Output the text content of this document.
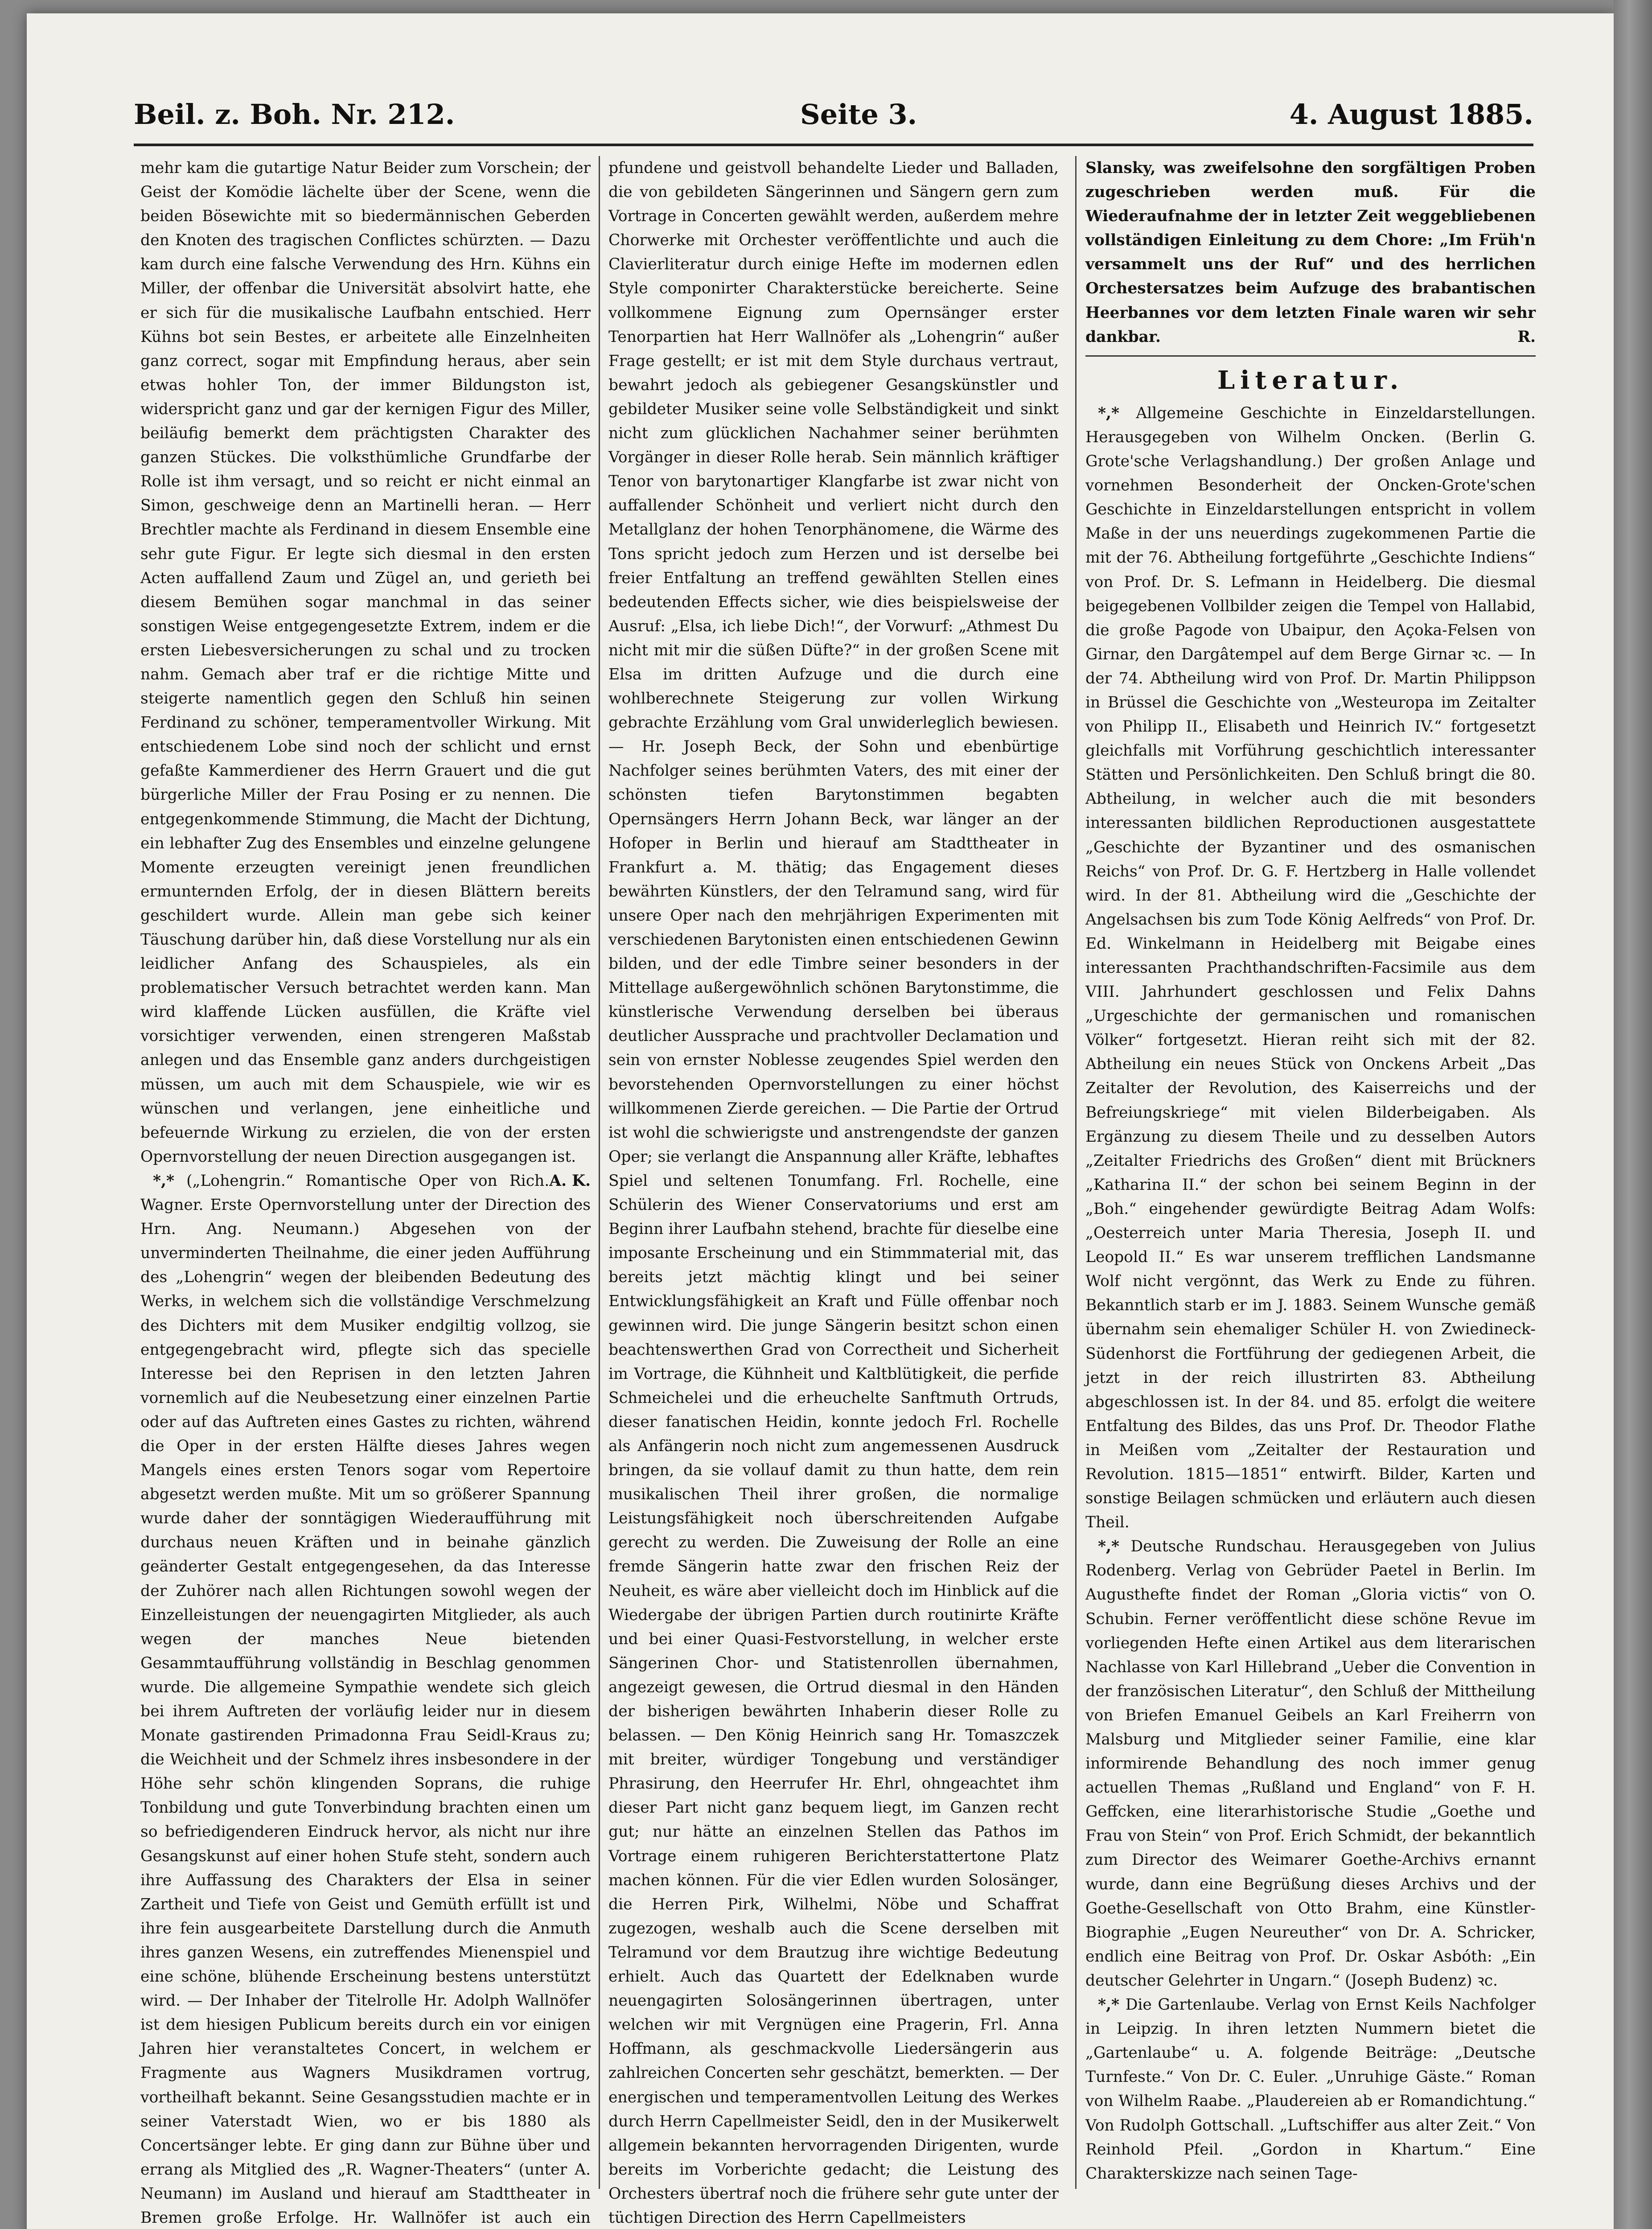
Beil. z. Boh. Nr. 212.	Seite 3.	4. August 1885.

mehr kam die gutartige Natur Beider zum Vorschein; der Geist der Komödie lächelte über der Scene, wenn die beiden Bösewichte mit so biedermännischen Geberden den Knoten des tragischen Conflictes schürzten. — Dazu kam durch eine falsche Verwendung des Hrn. Kühns ein Miller, der offenbar die Universität absolvirt hatte, ehe er sich für die musikalische Laufbahn entschied. Herr Kühns bot sein Bestes, er arbeitete alle Einzelnheiten ganz correct, sogar mit Empfindung heraus, aber sein etwas hohler Ton, der immer Bildungston ist, widerspricht ganz und gar der kernigen Figur des Miller, beiläufig bemerkt dem prächtigsten Charakter des ganzen Stückes. Die volksthümliche Grundfarbe der Rolle ist ihm versagt, und so reicht er nicht einmal an Simon, geschweige denn an Martinelli heran. — Herr Brechtler machte als Ferdinand in diesem Ensemble eine sehr gute Figur. Er legte sich diesmal in den ersten Acten auffallend Zaum und Zügel an, und gerieth bei diesem Bemühen sogar manchmal in das seiner sonstigen Weise entgegengesetzte Extrem, indem er die ersten Liebesversicherungen zu schal und zu trocken nahm. Gemach aber traf er die richtige Mitte und steigerte namentlich gegen den Schluß hin seinen Ferdinand zu schöner, temperamentvoller Wirkung. Mit entschiedenem Lobe sind noch der schlicht und ernst gefaßte Kammerdiener des Herrn Grauert und die gut bürgerliche Miller der Frau Posing er zu nennen. Die entgegenkommende Stimmung, die Macht der Dichtung, ein lebhafter Zug des Ensembles und einzelne gelungene Momente erzeugten vereinigt jenen freundlichen ermunternden Erfolg, der in diesen Blättern bereits geschildert wurde. Allein man gebe sich keiner Täuschung darüber hin, daß diese Vorstellung nur als ein leidlicher Anfang des Schauspieles, als ein problematischer Versuch betrachtet werden kann. Man wird klaffende Lücken ausfüllen, die Kräfte viel vorsichtiger verwenden, einen strengeren Maßstab anlegen und das Ensemble ganz anders durchgeistigen müssen, um auch mit dem Schauspiele, wie wir es wünschen und verlangen, jene einheitliche und befeuernde Wirkung zu erzielen, die von der ersten Opernvorstellung der neuen Direction ausgegangen ist.
A. K.

*,* („Lohengrin.“ Romantische Oper von Rich. Wagner. Erste Opernvorstellung unter der Direction des Hrn. Ang. Neumann.) Abgesehen von der unverminderten Theilnahme, die einer jeden Aufführung des „Lohengrin“ wegen der bleibenden Bedeutung des Werks, in welchem sich die vollständige Verschmelzung des Dichters mit dem Musiker endgiltig vollzog, sie entgegengebracht wird, pflegte sich das specielle Interesse bei den Reprisen in den letzten Jahren vornemlich auf die Neubesetzung einer einzelnen Partie oder auf das Auftreten eines Gastes zu richten, während die Oper in der ersten Hälfte dieses Jahres wegen Mangels eines ersten Tenors sogar vom Repertoire abgesetzt werden mußte. Mit um so größerer Spannung wurde daher der sonntägigen Wiederaufführung mit durchaus neuen Kräften und in beinahe gänzlich geänderter Gestalt entgegengesehen, da das Interesse der Zuhörer nach allen Richtungen sowohl wegen der Einzelleistungen der neuengagirten Mitglieder, als auch wegen der manches Neue bietenden Gesammtaufführung vollständig in Beschlag genommen wurde. Die allgemeine Sympathie wendete sich gleich bei ihrem Auftreten der vorläufig leider nur in diesem Monate gastirenden Primadonna Frau Seidl-Kraus zu; die Weichheit und der Schmelz ihres insbesondere in der Höhe sehr schön klingenden Soprans, die ruhige Tonbildung und gute Tonverbindung brachten einen um so befriedigenderen Eindruck hervor, als nicht nur ihre Gesangskunst auf einer hohen Stufe steht, sondern auch ihre Auffassung des Charakters der Elsa in seiner Zartheit und Tiefe von Geist und Gemüth erfüllt ist und ihre fein ausgearbeitete Darstellung durch die Anmuth ihres ganzen Wesens, ein zutreffendes Mienenspiel und eine schöne, blühende Erscheinung bestens unterstützt wird. — Der Inhaber der Titelrolle Hr. Adolph Wallnöfer ist dem hiesigen Publicum bereits durch ein vor einigen Jahren hier veranstaltetes Concert, in welchem er Fragmente aus Wagners Musikdramen vortrug, vortheilhaft bekannt. Seine Gesangsstudien machte er in seiner Vaterstadt Wien, wo er bis 1880 als Concertsänger lebte. Er ging dann zur Bühne über und errang als Mitglied des „R. Wagner-Theaters“ (unter A. Neumann) im Ausland und hierauf am Stadttheater in Bremen große Erfolge. Hr. Wallnöfer ist auch ein

pfundene und geistvoll behandelte Lieder und Balladen, die von gebildeten Sängerinnen und Sängern gern zum Vortrage in Concerten gewählt werden, außerdem mehre Chorwerke mit Orchester veröffentlichte und auch die Clavierliteratur durch einige Hefte im modernen edlen Style componirter Charakterstücke bereicherte. Seine vollkommene Eignung zum Opernsänger erster Tenorpartien hat Herr Wallnöfer als „Lohengrin“ außer Frage gestellt; er ist mit dem Style durchaus vertraut, bewahrt jedoch als gebiegener Gesangskünstler und gebildeter Musiker seine volle Selbständigkeit und sinkt nicht zum glücklichen Nachahmer seiner berühmten Vorgänger in dieser Rolle herab. Sein männlich kräftiger Tenor von barytonartiger Klangfarbe ist zwar nicht von auffallender Schönheit und verliert nicht durch den Metallglanz der hohen Tenorphänomene, die Wärme des Tons spricht jedoch zum Herzen und ist derselbe bei freier Entfaltung an treffend gewählten Stellen eines bedeutenden Effects sicher, wie dies beispielsweise der Ausruf: „Elsa, ich liebe Dich!“, der Vorwurf: „Athmest Du nicht mit mir die süßen Düfte?“ in der großen Scene mit Elsa im dritten Aufzuge und die durch eine wohlberechnete Steigerung zur vollen Wirkung gebrachte Erzählung vom Gral unwiderleglich bewiesen. — Hr. Joseph Beck, der Sohn und ebenbürtige Nachfolger seines berühmten Vaters, des mit einer der schönsten tiefen Barytonstimmen begabten Opernsängers Herrn Johann Beck, war länger an der Hofoper in Berlin und hierauf am Stadttheater in Frankfurt a. M. thätig; das Engagement dieses bewährten Künstlers, der den Telramund sang, wird für unsere Oper nach den mehrjährigen Experimenten mit verschiedenen Barytonisten einen entschiedenen Gewinn bilden, und der edle Timbre seiner besonders in der Mittellage außergewöhnlich schönen Barytonstimme, die künstlerische Verwendung derselben bei überaus deutlicher Aussprache und prachtvoller Declamation und sein von ernster Noblesse zeugendes Spiel werden den bevorstehenden Opernvorstellungen zu einer höchst willkommenen Zierde gereichen. — Die Partie der Ortrud ist wohl die schwierigste und anstrengendste der ganzen Oper; sie verlangt die Anspannung aller Kräfte, lebhaftes Spiel und seltenen Tonumfang. Frl. Rochelle, eine Schülerin des Wiener Conservatoriums und erst am Beginn ihrer Laufbahn stehend, brachte für dieselbe eine imposante Erscheinung und ein Stimmmaterial mit, das bereits jetzt mächtig klingt und bei seiner Entwicklungsfähigkeit an Kraft und Fülle offenbar noch gewinnen wird. Die junge Sängerin besitzt schon einen beachtenswerthen Grad von Correctheit und Sicherheit im Vortrage, die Kühnheit und Kaltblütigkeit, die perfide Schmeichelei und die erheuchelte Sanftmuth Ortruds, dieser fanatischen Heidin, konnte jedoch Frl. Rochelle als Anfängerin noch nicht zum angemessenen Ausdruck bringen, da sie vollauf damit zu thun hatte, dem rein musikalischen Theil ihrer großen, die normalige Leistungsfähigkeit noch überschreitenden Aufgabe gerecht zu werden. Die Zuweisung der Rolle an eine fremde Sängerin hatte zwar den frischen Reiz der Neuheit, es wäre aber vielleicht doch im Hinblick auf die Wiedergabe der übrigen Partien durch routinirte Kräfte und bei einer Quasi-Festvorstellung, in welcher erste Sängerinen Chor- und Statistenrollen übernahmen, angezeigt gewesen, die Ortrud diesmal in den Händen der bisherigen bewährten Inhaberin dieser Rolle zu belassen. — Den König Heinrich sang Hr. Tomaszczek mit breiter, würdiger Tongebung und verständiger Phrasirung, den Heerrufer Hr. Ehrl, ohngeachtet ihm dieser Part nicht ganz bequem liegt, im Ganzen recht gut; nur hätte an einzelnen Stellen das Pathos im Vortrage einem ruhigeren Berichterstattertone Platz machen können. Für die vier Edlen wurden Solosänger, die Herren Pirk, Wilhelmi, Nöbe und Schaffrat zugezogen, weshalb auch die Scene derselben mit Telramund vor dem Brautzug ihre wichtige Bedeutung erhielt. Auch das Quartett der Edelknaben wurde neuengagirten Solosängerinnen übertragen, unter welchen wir mit Vergnügen eine Pragerin, Frl. Anna Hoffmann, als geschmackvolle Liedersängerin aus zahlreichen Concerten sehr geschätzt, bemerkten. — Der energischen und temperamentvollen Leitung des Werkes durch Herrn Capellmeister Seidl, den in der Musikerwelt allgemein bekannten hervorragenden Dirigenten, wurde bereits im Vorberichte gedacht; die Leistung des Orchesters übertraf noch die frühere sehr gute unter der tüchtigen Direction des Herrn Capellmeisters

Slansky, was zweifelsohne den sorgfältigen Proben zugeschrieben werden muß. Für die Wiederaufnahme der in letzter Zeit weggebliebenen vollständigen Einleitung zu dem Chore: „Im Früh'n versammelt uns der Ruf“ und des herrlichen Orchestersatzes beim Aufzuge des brabantischen Heerbannes vor dem letzten Finale waren wir sehr dankbar.	R.

Literatur.

*,* Allgemeine Geschichte in Einzeldarstellungen. Herausgegeben von Wilhelm Oncken. (Berlin G. Grote'sche Verlagshandlung.) Der großen Anlage und vornehmen Besonderheit der Oncken-Grote'schen Geschichte in Einzeldarstellungen entspricht in vollem Maße in der uns neuerdings zugekommenen Partie die mit der 76. Abtheilung fortgeführte „Geschichte Indiens“ von Prof. Dr. S. Lefmann in Heidelberg. Die diesmal beigegebenen Vollbilder zeigen die Tempel von Hallabid, die große Pagode von Ubaipur, den Açoka-Felsen von Girnar, den Dargâtempel auf dem Berge Girnar ꝛc. — In der 74. Abtheilung wird von Prof. Dr. Martin Philippson in Brüssel die Geschichte von „Westeuropa im Zeitalter von Philipp II., Elisabeth und Heinrich IV.“ fortgesetzt gleichfalls mit Vorführung geschichtlich interessanter Stätten und Persönlichkeiten. Den Schluß bringt die 80. Abtheilung, in welcher auch die mit besonders interessanten bildlichen Reproductionen ausgestattete „Geschichte der Byzantiner und des osmanischen Reichs“ von Prof. Dr. G. F. Hertzberg in Halle vollendet wird. In der 81. Abtheilung wird die „Geschichte der Angelsachsen bis zum Tode König Aelfreds“ von Prof. Dr. Ed. Winkelmann in Heidelberg mit Beigabe eines interessanten Prachthandschriften-Facsimile aus dem VIII. Jahrhundert geschlossen und Felix Dahns „Urgeschichte der germanischen und romanischen Völker“ fortgesetzt. Hieran reiht sich mit der 82. Abtheilung ein neues Stück von Onckens Arbeit „Das Zeitalter der Revolution, des Kaiserreichs und der Befreiungskriege“ mit vielen Bilderbeigaben. Als Ergänzung zu diesem Theile und zu desselben Autors „Zeitalter Friedrichs des Großen“ dient mit Brückners „Katharina II.“ der schon bei seinem Beginn in der „Boh.“ eingehender gewürdigte Beitrag Adam Wolfs: „Oesterreich unter Maria Theresia, Joseph II. und Leopold II.“ Es war unserem trefflichen Landsmanne Wolf nicht vergönnt, das Werk zu Ende zu führen. Bekanntlich starb er im J. 1883. Seinem Wunsche gemäß übernahm sein ehemaliger Schüler H. von Zwiedineck-Südenhorst die Fortführung der gediegenen Arbeit, die jetzt in der reich illustrirten 83. Abtheilung abgeschlossen ist. In der 84. und 85. erfolgt die weitere Entfaltung des Bildes, das uns Prof. Dr. Theodor Flathe in Meißen vom „Zeitalter der Restauration und Revolution. 1815—1851“ entwirft. Bilder, Karten und sonstige Beilagen schmücken und erläutern auch diesen Theil.

*,* Deutsche Rundschau. Herausgegeben von Julius Rodenberg. Verlag von Gebrüder Paetel in Berlin. Im Augusthefte findet der Roman „Gloria victis“ von O. Schubin. Ferner veröffentlicht diese schöne Revue im vorliegenden Hefte einen Artikel aus dem literarischen Nachlasse von Karl Hillebrand „Ueber die Convention in der französischen Literatur“, den Schluß der Mittheilung von Briefen Emanuel Geibels an Karl Freiherrn von Malsburg und Mitglieder seiner Familie, eine klar informirende Behandlung des noch immer genug actuellen Themas „Rußland und England“ von F. H. Geffcken, eine literarhistorische Studie „Goethe und Frau von Stein“ von Prof. Erich Schmidt, der bekanntlich zum Director des Weimarer Goethe-Archivs ernannt wurde, dann eine Begrüßung dieses Archivs und der Goethe-Gesellschaft von Otto Brahm, eine Künstler-Biographie „Eugen Neureuther“ von Dr. A. Schricker, endlich eine Beitrag von Prof. Dr. Oskar Asbóth: „Ein deutscher Gelehrter in Ungarn.“ (Joseph Budenz) ꝛc.

*,* Die Gartenlaube. Verlag von Ernst Keils Nachfolger in Leipzig. In ihren letzten Nummern bietet die „Gartenlaube“ u. A. folgende Beiträge: „Deutsche Turnfeste.“ Von Dr. C. Euler. „Unruhige Gäste.“ Roman von Wilhelm Raabe. „Plaudereien ab er Romandichtung.“ Von Rudolph Gottschall. „Luftschiffer aus alter Zeit.“ Von Reinhold Pfeil. „Gordon in Khartum.“ Eine Charakterskizze nach seinen Tage-
